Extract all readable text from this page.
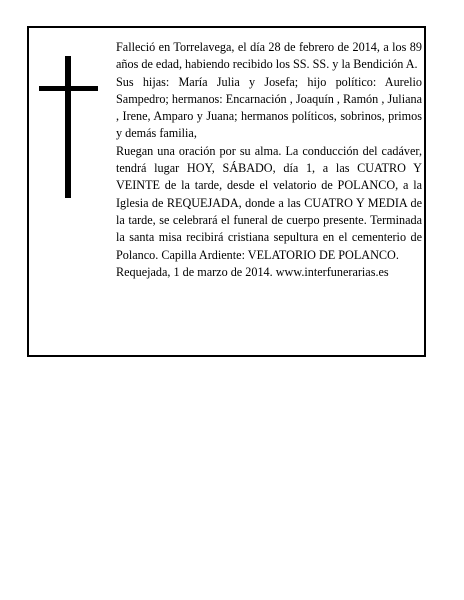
Falleció en Torrelavega, el día 28 de febrero de 2014, a los 89 años de edad, habiendo recibido los SS. SS. y la Bendición A.

Sus hijas: María Julia y Josefa; hijo político: Aurelio Sampedro; hermanos: Encarnación , Joaquín , Ramón , Juliana , Irene, Amparo y Juana; hermanos políticos, sobrinos, primos y demás familia,

Ruegan una oración por su alma. La conducción del cadáver, tendrá lugar HOY, SÁBADO, día 1, a las CUATRO Y VEINTE de la tarde, desde el velatorio de POLANCO, a la Iglesia de REQUEJADA, donde a las CUATRO Y MEDIA de la tarde, se celebrará el funeral de cuerpo presente. Terminada la santa misa recibirá cristiana sepultura en el cementerio de Polanco. Capilla Ardiente: VELATORIO DE POLANCO.

Requejada, 1 de marzo de 2014. www.interfunerarias.es
